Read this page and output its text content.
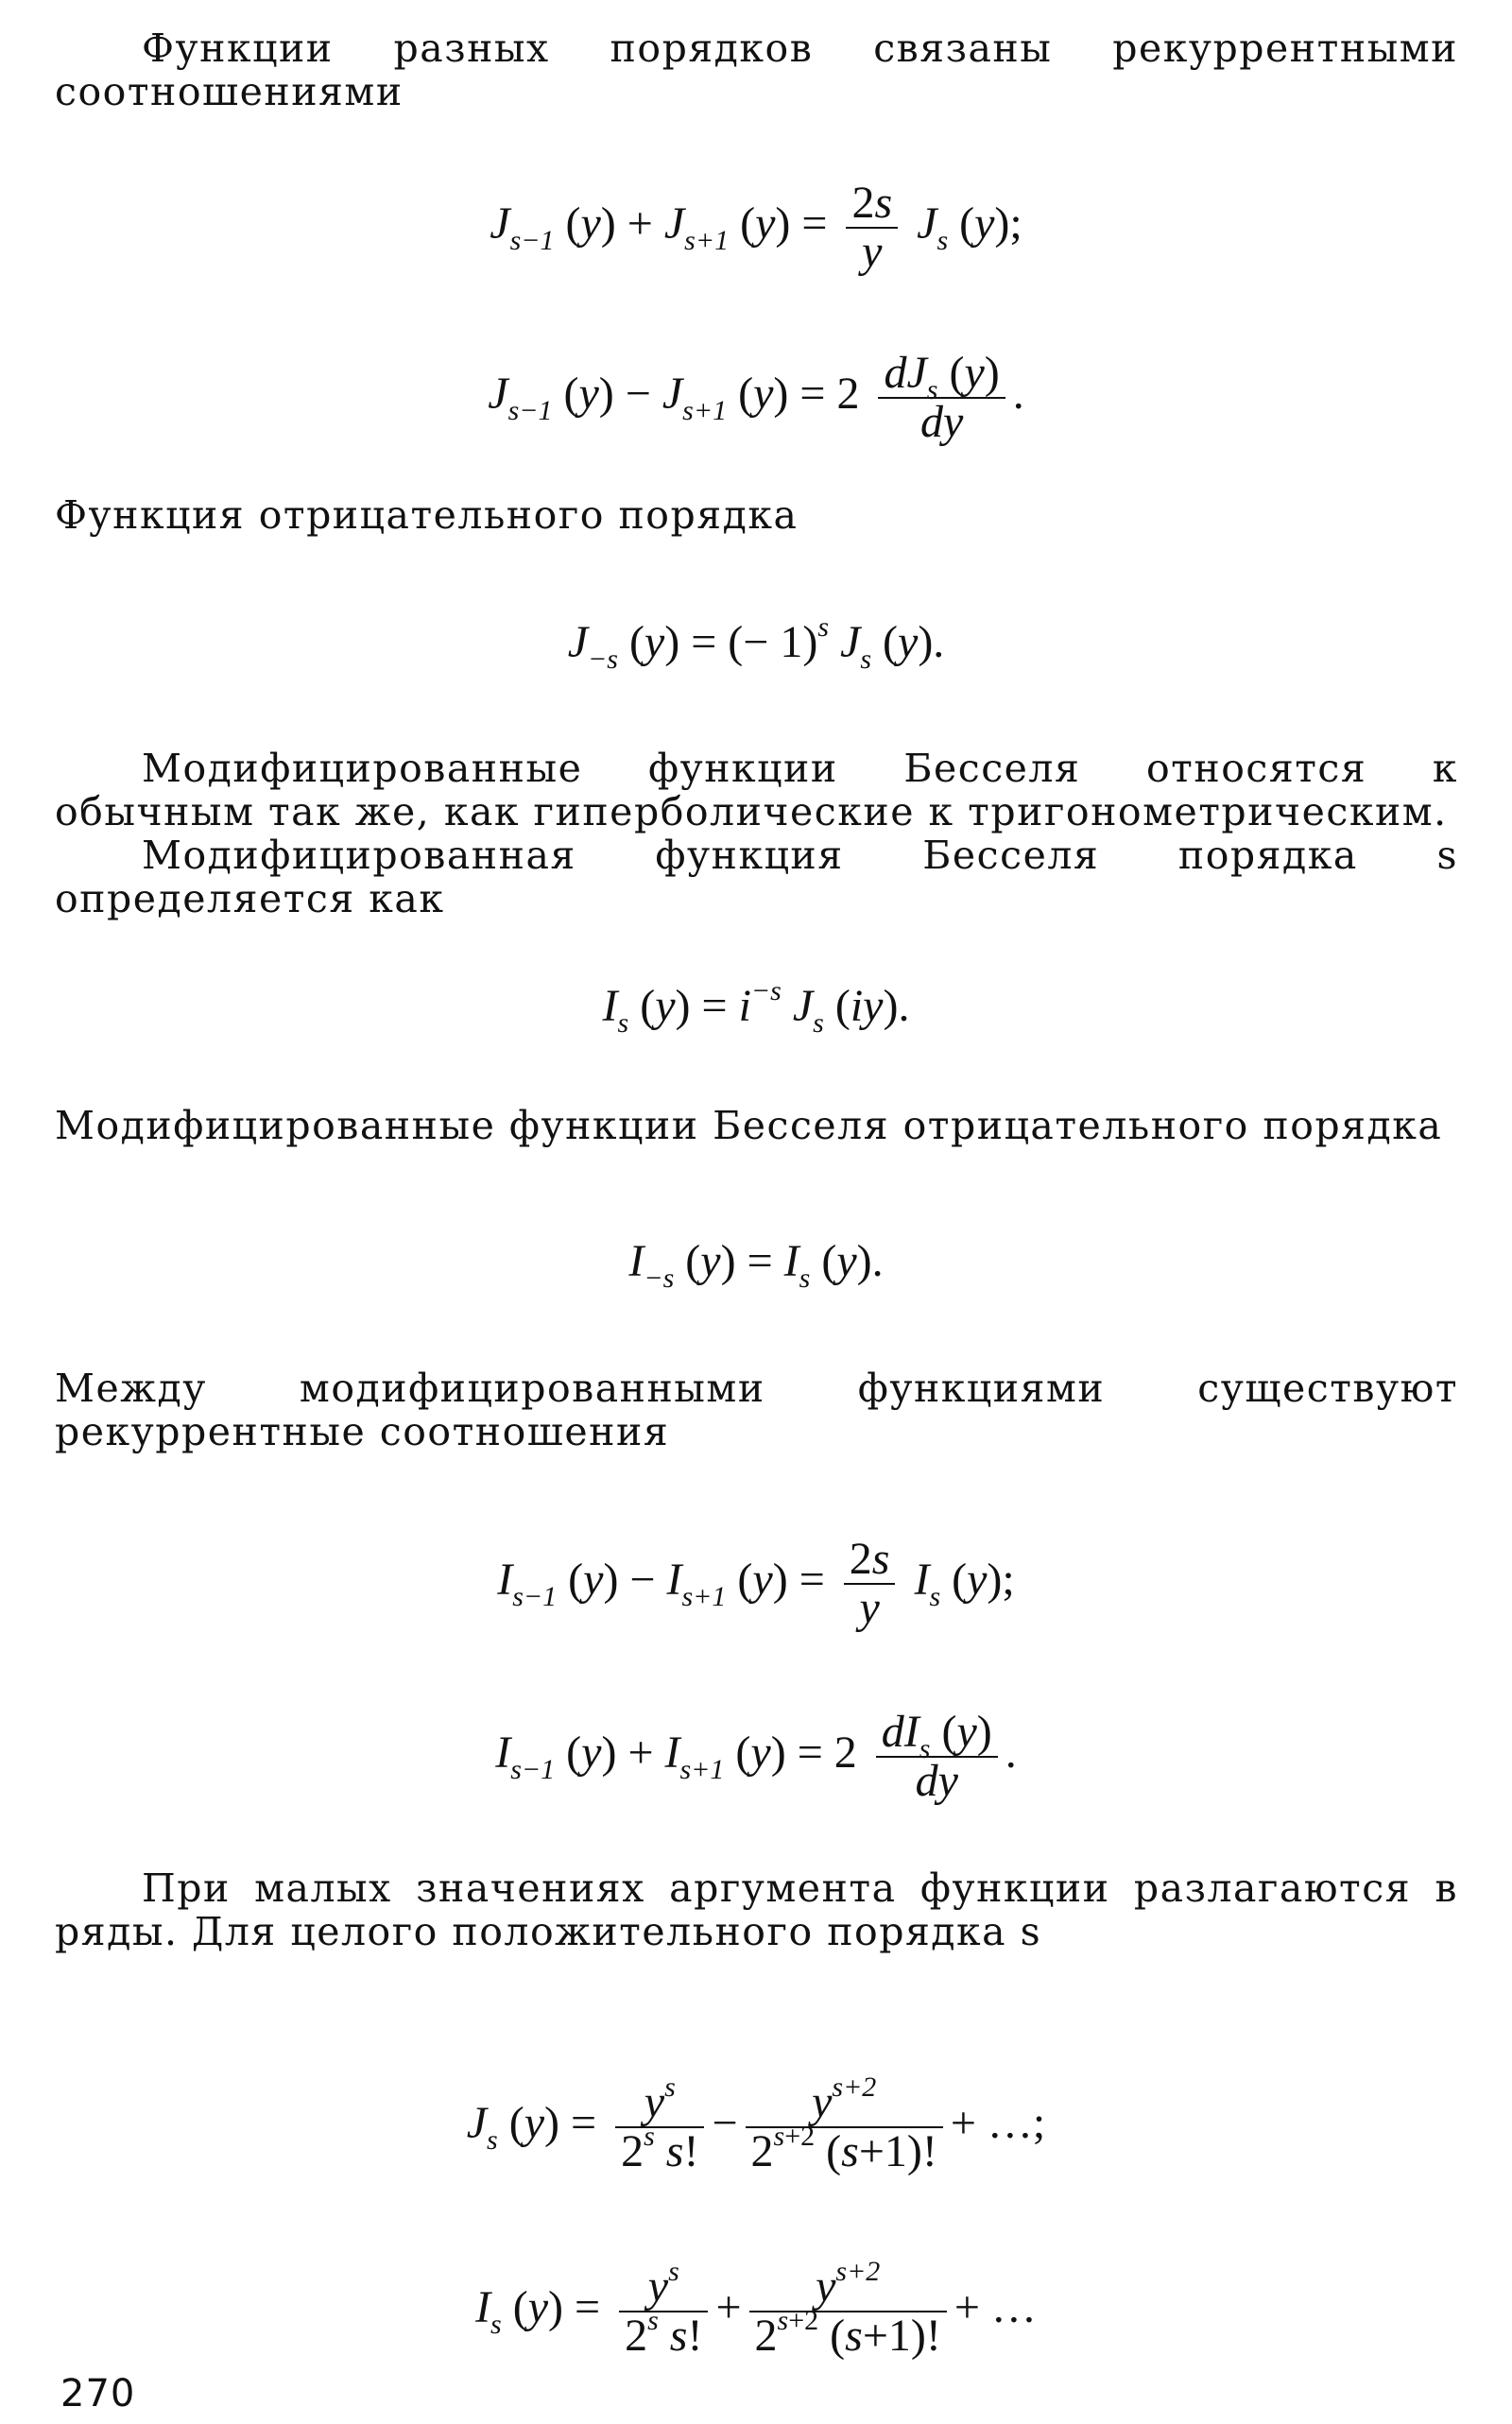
Функции разных порядков связаны рекуррентными соотношениями

$J_{s-1}$ $(y) + J_{s+1}$ $(y) = \frac{2s}{y} J_s$ (y);
$J_{s-1}$ $(y) - J_{s+1}$ $(y) = 2 \frac{dJ_s (y)}{dy}$ .

Функция отрицательного порядка

$J_{-s}$ (y) = (− 1)$^s$ $J_s$ (y).

Модифицированные функции Бесселя относятся к обычным так же, как гиперболические к тригонометрическим.

Модифицированная функция Бесселя порядка s определяется как

$I_s$ $(y) = i^{-s}$ $J_s$ (iy).

Модифицированные функции Бесселя отрицательного порядка

$I_{-s}$ $(y) = I_s$ (y).

Между модифицированными функциями существуют рекуррентные соотношения

$I_{s-1}$ $(y) - I_{s+1}$ $(y) = \frac{2s}{y} I_s$ (y);
$I_{s-1}$ $(y) + I_{s+1}$ $(y) = 2 \frac{dI_s (y)}{dy}$ .

При малых значениях аргумента функции разлагаются в ряды. Для целого положительного порядка s

$J_s$ $(y) = \frac{y^s}{2^s s!} - \frac{y^{s+2}}{2^{s+2} (s+1)!}$ + …;
$I_s$ $(y) = \frac{y^s}{2^s s!} + \frac{y^{s+2}}{2^{s+2} (s+1)!}$ + …
270
